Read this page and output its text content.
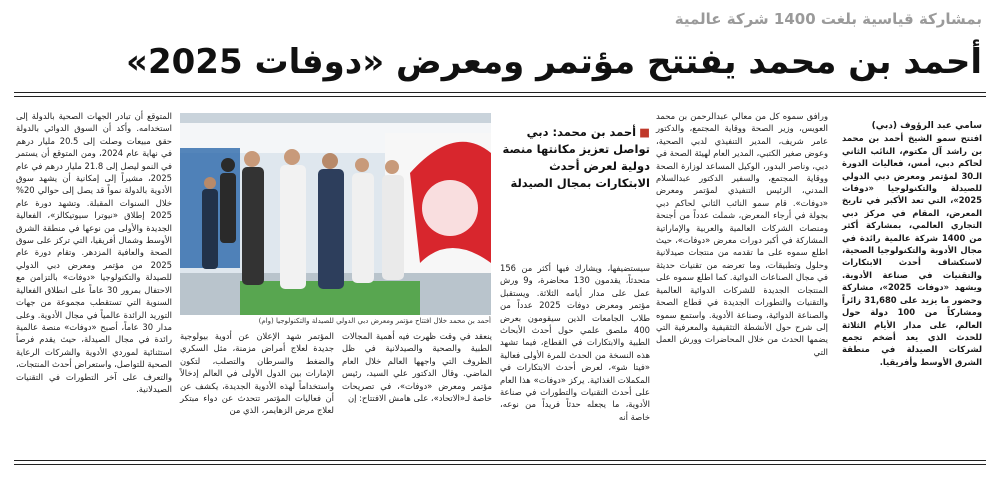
بمشاركة قياسية بلغت 1400 شركة عالمية
أحمد بن محمد يفتتح مؤتمر ومعرض «دوفات 2025»

سامي عبد الرؤوف (دبي)

افتتح سمو الشيخ أحمد بن محمد بن راشد آل مكتوم، النائب الثاني لحاكم دبي، أمس، فعاليات الدورة الـ30 لمؤتمر ومعرض دبي الدولي للصيدلة والتكنولوجيا «دوفات 2025»، التي تعد الأكبر في تاريخ المعرض، المقام في مركز دبي التجاري العالمي، بمشاركة أكثر من 1400 شركة عالمية رائدة في مجال الأدوية والتكنولوجيا الصحية، لاستكشاف أحدث الابتكارات والتقنيات في صناعة الأدوية. ويشهد «دوفات 2025»، مشاركة وحضور ما يزيد على 31,680 زائراً ومشاركاً من 100 دولة حول العالم، على مدار الأيام الثلاثة للحدث الذي يعد أضخم تجمع لشركات الصيدلة في منطقة الشرق الأوسط وأفريقيا.

ورافق سموه كل من معالي عبدالرحمن بن محمد العويس، وزير الصحة ووقاية المجتمع، والدكتور عامر شريف، المدير التنفيذي لدبي الصحية، وعوض صغير الكتبي، المدير العام لهيئة الصحة في دبي، وناصر البدور، الوكيل المساعد لوزارة الصحة ووقاية المجتمع، والسفير الدكتور عبدالسلام المدني، الرئيس التنفيذي لمؤتمر ومعرض «دوفات». قام سمو النائب الثاني لحاكم دبي بجولة في أرجاء المعرض، شملت عدداً من أجنحة ومنصات الشركات العالمية والعربية والإماراتية المشاركة في أكبر دورات معرض «دوفات»، حيث اطلع سموه على ما تقدمه من منتجات صيدلانية وحلول وتطبيقات، وما تعرضه من تقنيات حديثة في مجال الصناعات الدوائية. كما اطلع سموه على المنتجات الجديدة للشركات الدوائية العالمية والتقنيات والتطورات الجديدة في قطاع الصحة والصناعة الدوائية، وصناعة الأدوية. واستمع سموه إلى شرح حول الأنشطة التثقيفية والمعرفية التي يضمها الحدث من خلال المحاضرات وورش العمل التي

■أحمد بن محمد: دبي تواصل تعزيز مكانتها منصة دولية لعرض أحدث الابتكارات بمجال الصيدلة

سيستضيفها، ويشارك فيها أكثر من 156 متحدثاً، يقدمون 130 محاضرة، و9 ورش عمل على مدار أيامه الثلاثة. ويستقبل مؤتمر ومعرض دوفات 2025 عدداً من طلاب الجامعات الذين سيقومون بعرض 400 ملصق علمي حول أحدث الأبحاث الطبية والابتكارات في القطاع، فيما تشهد هذه النسخة من الحدث للمرة الأولى فعالية «فيتا شو»، لعرض أحدث الابتكارات في المكملات الغذائية. يركز «دوفات» هذا العام على أحدث التقنيات والتطورات في صناعة الأدوية، ما يجعله حدثاً فريداً من نوعه، خاصة أنه

أحمد بن محمد خلال افتتاح مؤتمر ومعرض دبي الدولي للصيدلة والتكنولوجيا (وام)

ينعقد في وقت ظهرت فيه أهمية المجالات الطبية والصحية والصيدلانية في ظل الظروف التي واجهها العالم خلال العام الماضي. وقال الدكتور علي السيد، رئيس مؤتمر ومعرض «دوفات»، في تصريحات خاصة لـ«الاتحاد»، على هامش الافتتاح: إن

المؤتمر شهد الإعلان عن أدوية بيولوجية جديدة لعلاج أمراض مزمنة، مثل السكري والضغط والسرطان والتصلب، لتكون الإمارات بين الدول الأولى في العالم إدخالاً واستخداماً لهذه الأدوية الجديدة، يكشف عن أن فعاليات المؤتمر تتحدث عن دواء مبتكر لعلاج مرض الزهايمر، الذي من

المتوقع أن تبادر الجهات الصحية بالدولة إلى استخدامه. وأكد أن السوق الدوائي بالدولة حقق مبيعات وصلت إلى 20.5 مليار درهم في نهاية عام 2024، ومن المتوقع أن يستمر في النمو ليصل إلى 21.8 مليار درهم في عام 2025، مشيراً إلى إمكانية أن يشهد سوق الأدوية بالدولة نمواً قد يصل إلى حوالي 20% خلال السنوات المقبلة. وتشهد دورة عام 2025 إطلاق «نيوترا سيوتيكالز»، الفعالية الجديدة والأولى من نوعها في منطقة الشرق الأوسط وشمال أفريقيا، التي تركز على سوق الصحة والعافية المزدهر. وتقام دورة عام 2025 من مؤتمر ومعرض دبي الدولي للصيدلة والتكنولوجيا «دوفات» بالتزامن مع الاحتفال بمرور 30 عاماً على انطلاق الفعالية السنوية التي تستقطب مجموعة من جهات التوريد الرائدة عالمياً في مجال الأدوية. وعلى مدار 30 عاماً، أصبح «دوفات» منصة عالمية رائدة في مجال الصيدلة، حيث يقدم فرصاً استثنائية لموردي الأدوية والشركات الرعاية الصحية للتواصل، واستعراض أحدث المنتجات، والتعرف على آخر التطورات في التقنيات الصيدلانية.
